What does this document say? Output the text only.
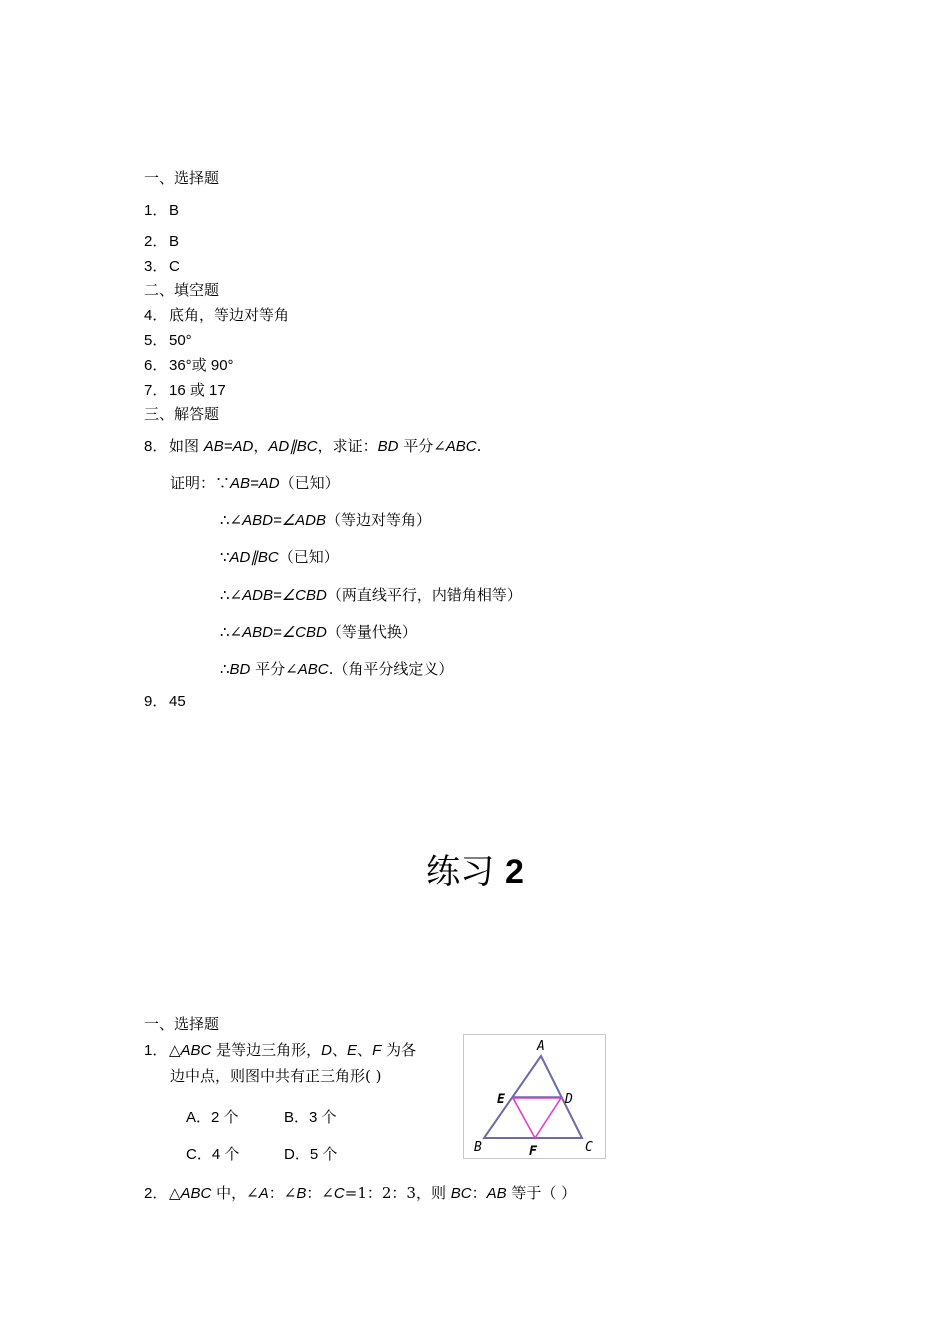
一、选择题
1． B
2． B
3． C
二、填空题
4． 底角，等边对等角
5． 50°
6． 36°或 90°
7． 16 或 17
三、解答题
8． 如图 AB=AD，AD∥BC，求证：BD 平分∠ABC.
证明：∵AB=AD（已知）
∴∠ABD=∠ADB（等边对等角）
∵AD∥BC（已知）
∴∠ADB=∠CBD（两直线平行，内错角相等）
∴∠ABD=∠CBD（等量代换）
∴BD 平分∠ABC.（角平分线定义）
9． 45
练习 2
一、选择题
1． △ABC 是等边三角形，D、E、F 为各
边中点，则图中共有正三角形( )
A．2 个	B．3 个
C．4 个	D．5 个
A
E	D
B	F	C
2． △ABC 中，∠A：∠B：∠C=1：2：3，则 BC：AB 等于（ ）
